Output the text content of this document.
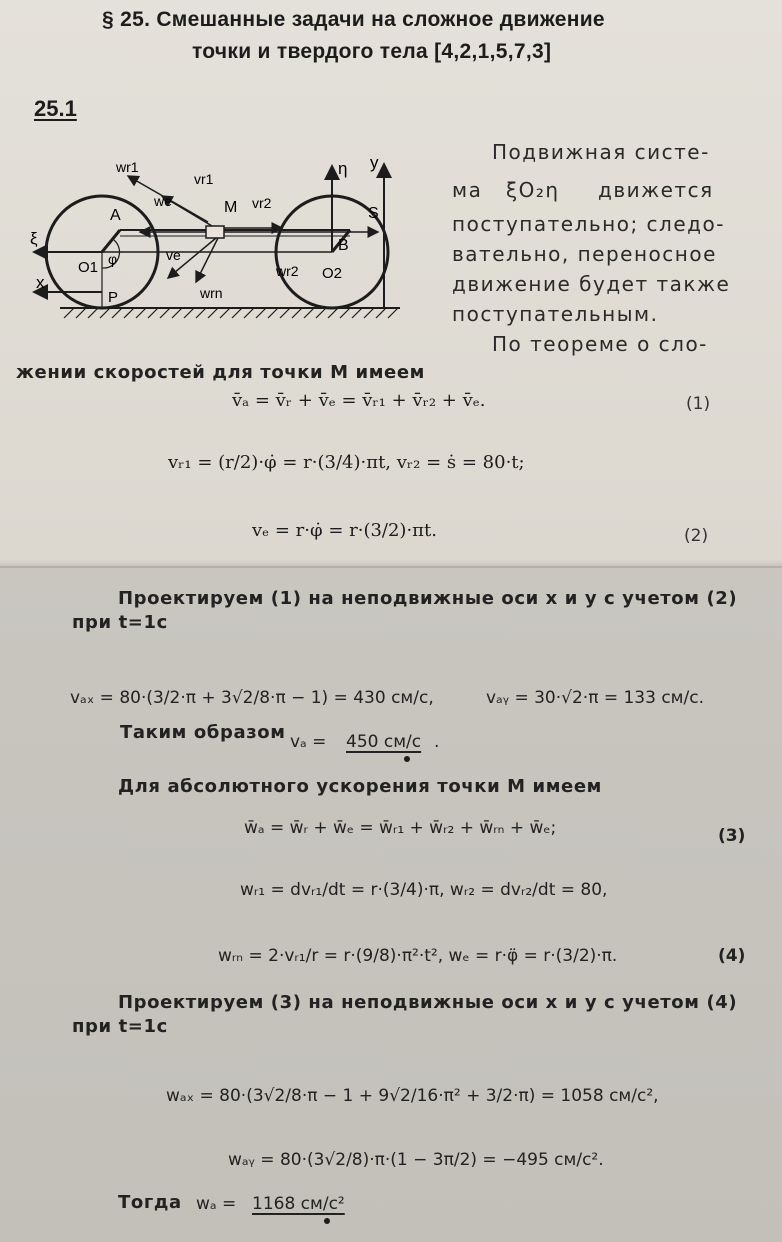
§ 25. Смешанные задачи на сложное движение
точки и твердого тела [4,2,1,5,7,3]
25.1
wr1
vr1
we	M vr2
η y
S
ξ
A
B
O1 φ	ve
wr2 O2
x
P	wrn
Подвижная систе-
ма ξO₂η движется
поступательно; следо-
вательно, переносное
движение будет также
поступательным.
По теореме о сло-
жении скоростей для точки M имеем
v̄ₐ = v̄ᵣ + v̄ₑ = v̄ᵣ₁ + v̄ᵣ₂ + v̄ₑ.	(1)
vᵣ₁ = (r/2)·φ̇ = r·(3/4)·πt, vᵣ₂ = ṡ = 80·t;
vₑ = r·φ̇ = r·(3/2)·πt.	(2)
Проектируем (1) на неподвижные оси x и y с учетом (2)
при t=1c
vₐₓ = 80·(3/2·π + 3√2/8·π − 1) = 430 см/с,	vₐᵧ = 30·√2·π = 133 см/с.
Таким образом vₐ = 450 см/с .
Для абсолютного ускорения точки M имеем
w̄ₐ = w̄ᵣ + w̄ₑ = w̄ᵣ₁ + w̄ᵣ₂ + w̄ᵣₙ + w̄ₑ;	(3)
wᵣ₁ = dvᵣ₁/dt = r·(3/4)·π, wᵣ₂ = dvᵣ₂/dt = 80,
wᵣₙ = 2·vᵣ₁/r = r·(9/8)·π²·t², wₑ = r·φ̈ = r·(3/2)·π.	(4)
Проектируем (3) на неподвижные оси x и y с учетом (4)
при t=1c
wₐₓ = 80·(3√2/8·π − 1 + 9√2/16·π² + 3/2·π) = 1058 см/с²,
wₐᵧ = 80·(3√2/8)·π·(1 − 3π/2) = −495 см/с².
Тогда wₐ = 1168 см/с²
